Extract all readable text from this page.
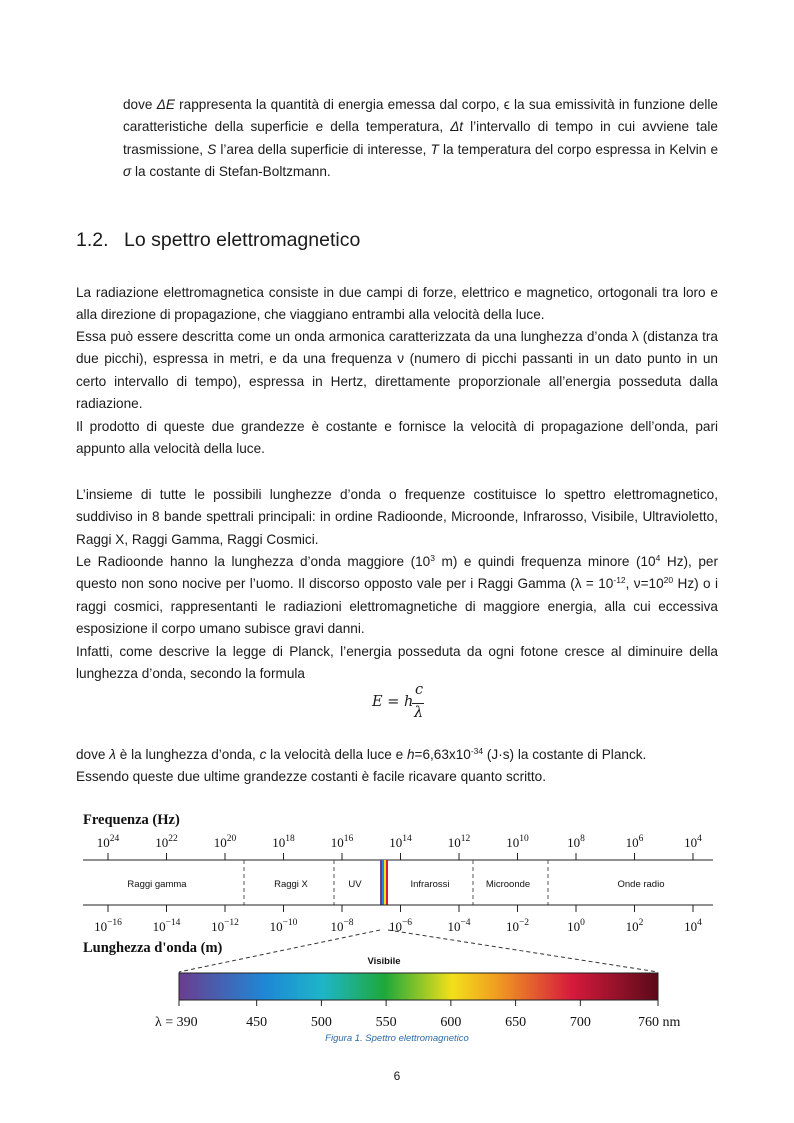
dove ΔE rappresenta la quantità di energia emessa dal corpo, ϵ la sua emissività in funzione delle caratteristiche della superficie e della temperatura, Δt l’intervallo di tempo in cui avviene tale trasmissione, S l’area della superficie di interesse, T la temperatura del corpo espressa in Kelvin e σ la costante di Stefan-Boltzmann.
1.2. Lo spettro elettromagnetico
La radiazione elettromagnetica consiste in due campi di forze, elettrico e magnetico, ortogonali tra loro e alla direzione di propagazione, che viaggiano entrambi alla velocità della luce.
Essa può essere descritta come un onda armonica caratterizzata da una lunghezza d’onda λ (distanza tra due picchi), espressa in metri, e da una frequenza ν (numero di picchi passanti in un dato punto in un certo intervallo di tempo), espressa in Hertz, direttamente proporzionale all’energia posseduta dalla radiazione.
Il prodotto di queste due grandezze è costante e fornisce la velocità di propagazione dell’onda, pari appunto alla velocità della luce.
L’insieme di tutte le possibili lunghezze d’onda o frequenze costituisce lo spettro elettromagnetico, suddiviso in 8 bande spettrali principali: in ordine Radioonde, Microonde, Infrarosso, Visibile, Ultravioletto, Raggi X, Raggi Gamma, Raggi Cosmici.
Le Radioonde hanno la lunghezza d’onda maggiore ($10^3$ m) e quindi frequenza minore ($10^4$ Hz), per questo non sono nocive per l’uomo. Il discorso opposto vale per i Raggi Gamma ($\lambda = 10^{-12}$, $\nu=10^{20}$ Hz) o i raggi cosmici, rappresentanti le radiazioni elettromagnetiche di maggiore energia, alla cui eccessiva esposizione il corpo umano subisce gravi danni.
Infatti, come descrive la legge di Planck, l’energia posseduta da ogni fotone cresce al diminuire della lunghezza d’onda, secondo la formula
E = h
c
λ
dove λ è la lunghezza d’onda, c la velocità della luce e $h=6,63x10^{-34}$ (J·s) la costante di Planck.
Essendo queste due ultime grandezze costanti è facile ricavare quanto scritto.
Frequenza (Hz)
$10^{24}$	$10^{22}$	$10^{20}$	$10^{18}$	$10^{16}$	$10^{14}$	$10^{12}$	$10^{10}$	$10^8$	$10^6$	$10^4$
Raggi gamma	Raggi X	UV	Infrarossi	Microonde	Onde radio
$10^{-16}$ $10^{-14}$ $10^{-12}$ $10^{-10}$	$10^{-8}$	$10^{-6}$	$10^{-4}$	$10^{-2}$	$10^0$	$10^2$	$10^4$
Lunghezza d'onda (m)
Visibile
λ = 390	450	500	550	600	650	700	760 nm
Figura 1. Spettro elettromagnetico
6
